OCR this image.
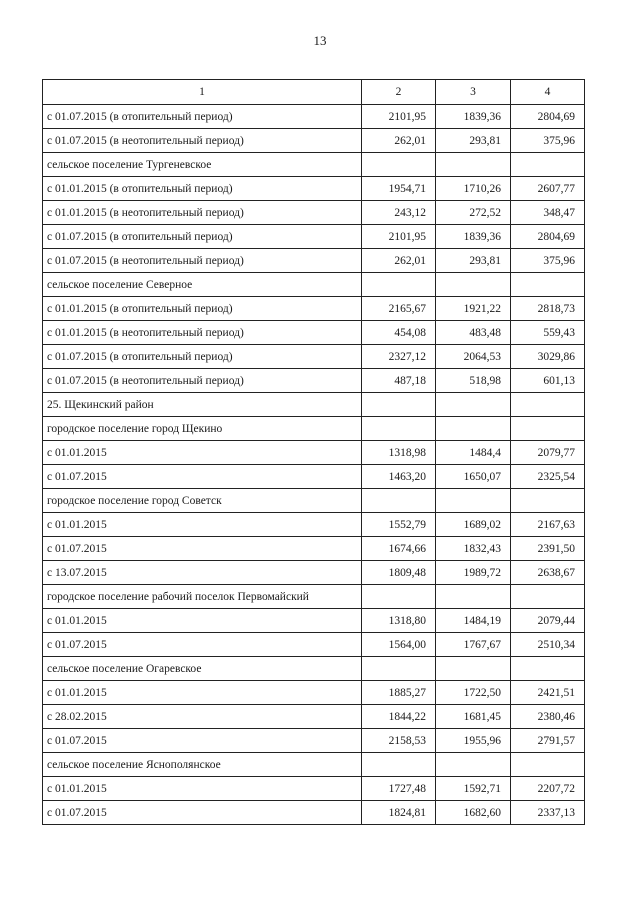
13
1	2	3	4
с 01.07.2015 (в отопительный период)	2101,95	1839,36	2804,69
с 01.07.2015 (в неотопительный период)	262,01	293,81	375,96
сельское поселение Тургеневское			
с 01.01.2015 (в отопительный период)	1954,71	1710,26	2607,77
с 01.01.2015 (в неотопительный период)	243,12	272,52	348,47
с 01.07.2015 (в отопительный период)	2101,95	1839,36	2804,69
с 01.07.2015 (в неотопительный период)	262,01	293,81	375,96
сельское поселение Северное			
с 01.01.2015 (в отопительный период)	2165,67	1921,22	2818,73
с 01.01.2015 (в неотопительный период)	454,08	483,48	559,43
с 01.07.2015 (в отопительный период)	2327,12	2064,53	3029,86
с 01.07.2015 (в неотопительный период)	487,18	518,98	601,13
25. Щекинский район			
городское поселение город Щекино			
с 01.01.2015	1318,98	1484,4	2079,77
с 01.07.2015	1463,20	1650,07	2325,54
городское поселение город Советск			
с 01.01.2015	1552,79	1689,02	2167,63
с 01.07.2015	1674,66	1832,43	2391,50
с 13.07.2015	1809,48	1989,72	2638,67
городское поселение рабочий поселок Первомайский			
с 01.01.2015	1318,80	1484,19	2079,44
с 01.07.2015	1564,00	1767,67	2510,34
сельское поселение Огаревское			
с 01.01.2015	1885,27	1722,50	2421,51
с 28.02.2015	1844,22	1681,45	2380,46
с 01.07.2015	2158,53	1955,96	2791,57
сельское поселение Яснополянское			
с 01.01.2015	1727,48	1592,71	2207,72
с 01.07.2015	1824,81	1682,60	2337,13
